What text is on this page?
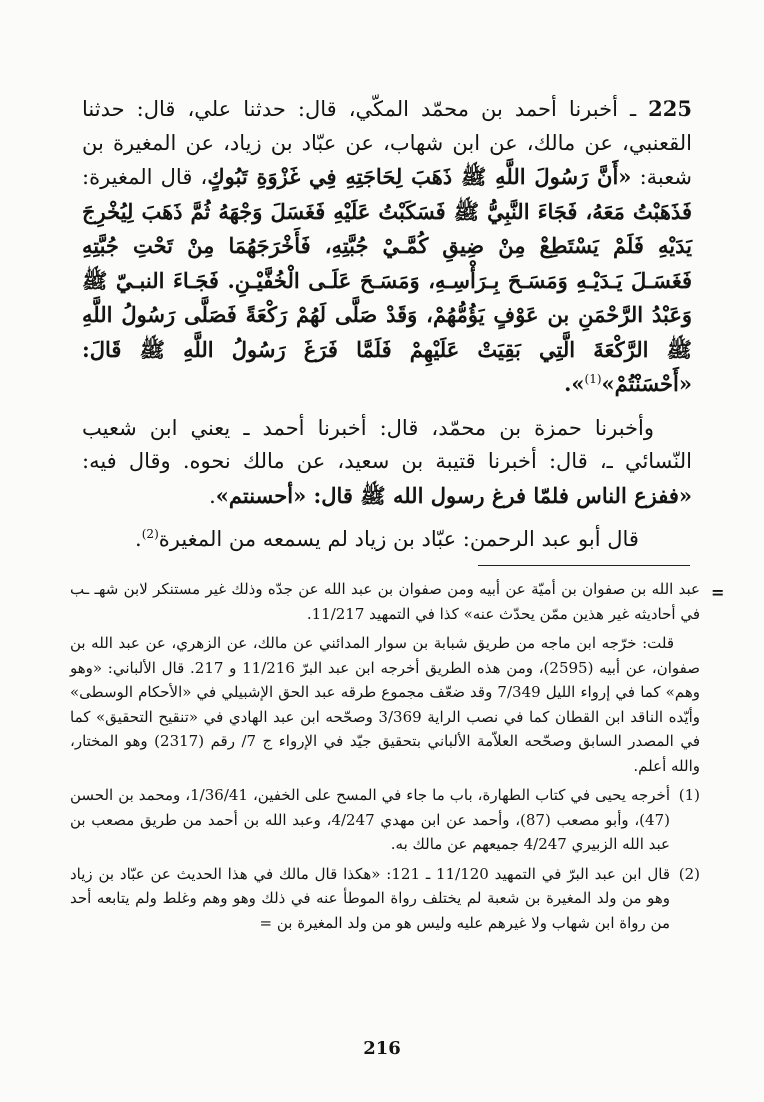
225 ـ أخبرنا أحمد بن محمّد المكّي، قال: حدثنا علي، قال: حدثنا القعنبي، عن مالك، عن ابن شهاب، عن عبّاد بن زياد، عن المغيرة بن شعبة: «أَنَّ رَسُولَ اللَّهِ ﷺ ذَهَبَ لِحَاجَتِهِ فِي غَزْوَةِ تَبُوكٍ، قال المغيرة: فَذَهَبْتُ مَعَهُ، فَجَاءَ النَّبِيُّ ﷺ فَسَكَبْتُ عَلَيْهِ فَغَسَلَ وَجْهَهُ ثُمَّ ذَهَبَ لِيُخْرِجَ يَدَيْهِ فَلَمْ يَسْتَطِعْ مِنْ ضِيقِ كُمَّـيْ جُبَّتِهِ، فَأَخْرَجَهُمَا مِنْ تَحْتِ جُبَّتِهِ فَغَسَـلَ يَـدَيْـهِ وَمَسَـحَ بِـرَأْسِـهِ، وَمَسَـحَ عَلَـى الْخُفَّيْـنِ. فَجَـاءَ النبـيّ ﷺ وَعَبْدُ الرَّحْمَنِ بن عَوْفٍ يَؤُمُّهُمْ، وَقَدْ صَلَّى لَهُمْ رَكْعَةً فَصَلَّى رَسُولُ اللَّهِ ﷺ الرَّكْعَةَ الَّتِي بَقِيَتْ عَلَيْهِمْ فَلَمَّا فَرَغَ رَسُولُ اللَّهِ ﷺ قَالَ: «أَحْسَنْتُمْ»$^{(1)}$».

وأخبرنا حمزة بن محمّد، قال: أخبرنا أحمد ـ يعني ابن شعيب النّسائي ـ، قال: أخبرنا قتيبة بن سعيد، عن مالك نحوه. وقال فيه: «ففزع الناس فلمّا فرغ رسول الله ﷺ قال: «أحسنتم».

قال أبو عبد الرحمن: عبّاد بن زياد لم يسمعه من المغيرة$^{(2)}$.

=

عبد الله بن صفوان بن أميّة عن أبيه ومن صفوان بن عبد الله عن جدّه وذلك غير مستنكر لابن شهـ ـب في أحاديثه غير هذين ممّن يحدّث عنه» كذا في التمهيد 11/217.

قلت: خرّجه ابن ماجه من طريق شبابة بن سوار المدائني عن مالك، عن الزهري، عن عبد الله بن صفوان، عن أبيه (2595)، ومن هذه الطريق أخرجه ابن عبد البرّ 11/216 و 217. قال الألباني: «وهو وهم» كما في إرواء الليل 7/349 وقد ضعّف مجموع طرقه عبد الحق الإشبيلي في «الأحكام الوسطى» وأيّده الناقد ابن القطان كما في نصب الراية 3/369 وصحّحه ابن عبد الهادي في «تنقيح التحقيق» كما في المصدر السابق وصحّحه العلاّمة الألباني بتحقيق جيّد في الإرواء ج 7/ رقم (2317) وهو المختار، والله أعلم.

(1)
أخرجه يحيى في كتاب الطهارة، باب ما جاء في المسح على الخفين، 1/36/41، ومحمد بن الحسن (47)، وأبو مصعب (87)، وأحمد عن ابن مهدي 4/247، وعبد الله بن أحمد من طريق مصعب بن عبد الله الزبيري 4/247 جميعهم عن مالك به.

(2)
قال ابن عبد البرّ في التمهيد 11/120 ـ 121: «هكذا قال مالك في هذا الحديث عن عبّاد بن زياد وهو من ولد المغيرة بن شعبة لم يختلف رواة الموطأ عنه في ذلك وهو وهم وغلط ولم يتابعه أحد من رواة ابن شهاب ولا غيرهم عليه وليس هو من ولد المغيرة بن =

216
